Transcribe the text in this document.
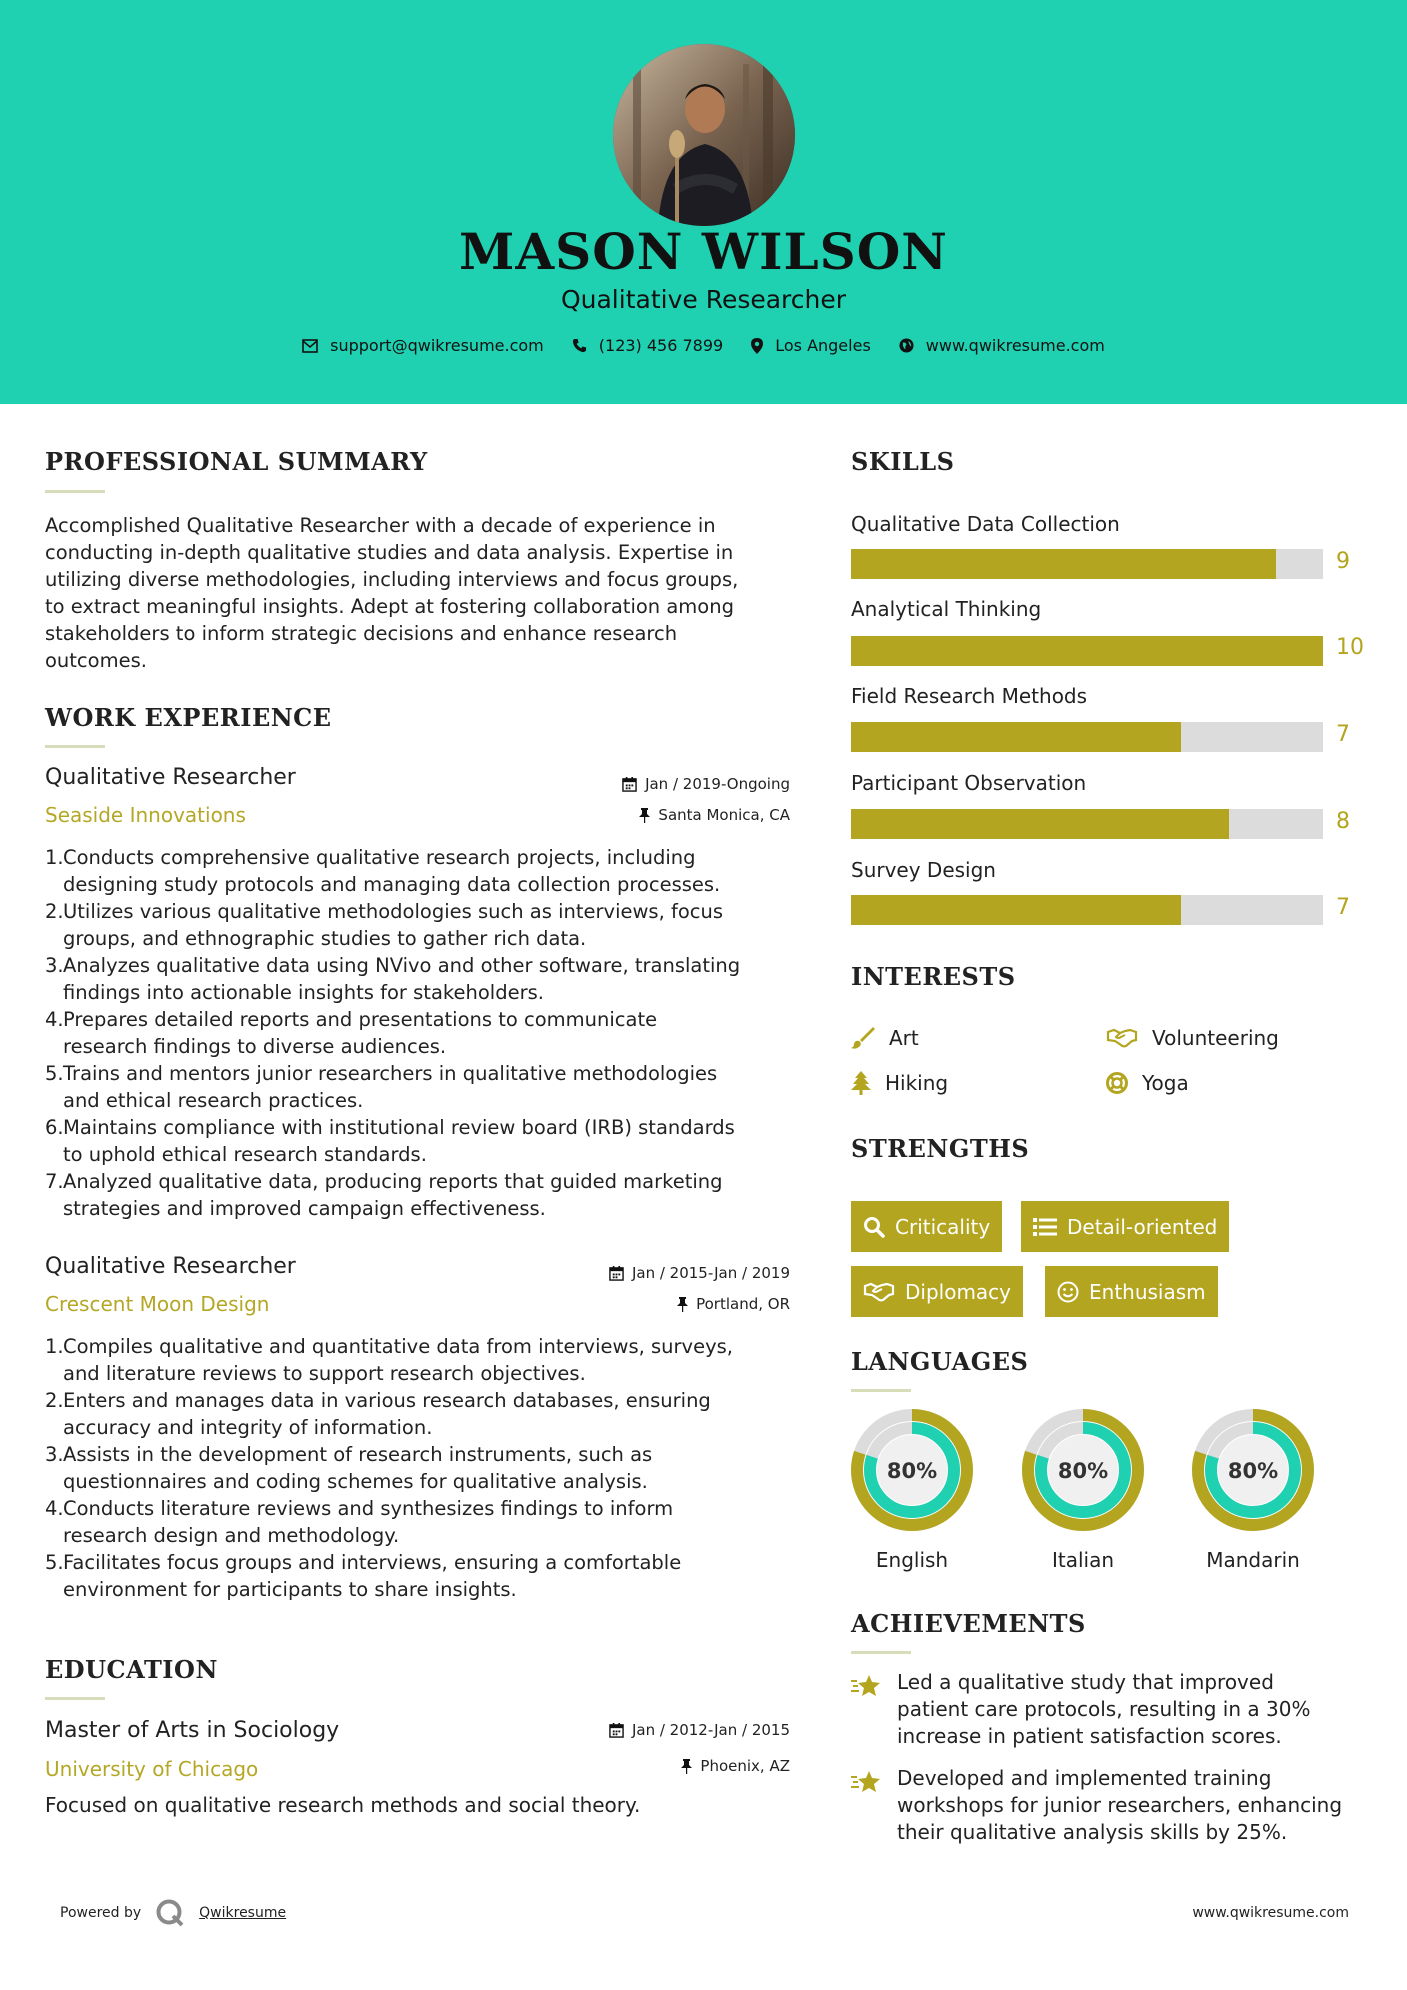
MASON WILSON
Qualitative Researcher
support@qwikresume.com	(123) 456 7899	Los Angeles	www.qwikresume.com
PROFESSIONAL SUMMARY
Accomplished Qualitative Researcher with a decade of experience in
conducting in-depth qualitative studies and data analysis. Expertise in
utilizing diverse methodologies, including interviews and focus groups,
to extract meaningful insights. Adept at fostering collaboration among
stakeholders to inform strategic decisions and enhance research
outcomes.
WORK EXPERIENCE
Qualitative Researcher
Seaside Innovations
Jan / 2019-Ongoing
Santa Monica, CA
1. Conducts comprehensive qualitative research projects, including
designing study protocols and managing data collection processes.
2. Utilizes various qualitative methodologies such as interviews, focus
groups, and ethnographic studies to gather rich data.
3. Analyzes qualitative data using NVivo and other software, translating
findings into actionable insights for stakeholders.
4. Prepares detailed reports and presentations to communicate
research findings to diverse audiences.
5. Trains and mentors junior researchers in qualitative methodologies
and ethical research practices.
6. Maintains compliance with institutional review board (IRB) standards
to uphold ethical research standards.
7. Analyzed qualitative data, producing reports that guided marketing
strategies and improved campaign effectiveness.
Qualitative Researcher
Crescent Moon Design
Jan / 2015-Jan / 2019
Portland, OR
1. Compiles qualitative and quantitative data from interviews, surveys,
and literature reviews to support research objectives.
2. Enters and manages data in various research databases, ensuring
accuracy and integrity of information.
3. Assists in the development of research instruments, such as
questionnaires and coding schemes for qualitative analysis.
4. Conducts literature reviews and synthesizes findings to inform
research design and methodology.
5. Facilitates focus groups and interviews, ensuring a comfortable
environment for participants to share insights.
EDUCATION
Master of Arts in Sociology
University of Chicago
Jan / 2012-Jan / 2015
Phoenix, AZ
Focused on qualitative research methods and social theory.
SKILLS
Qualitative Data Collection
9
Analytical Thinking
10
Field Research Methods
7
Participant Observation
8
Survey Design
7
INTERESTS
Art	Volunteering
Hiking	Yoga
STRENGTHS
Criticality	Detail-oriented
Diplomacy	Enthusiasm
LANGUAGES
80%
English
80%
Italian
80%
Mandarin
ACHIEVEMENTS
Led a qualitative study that improved
patient care protocols, resulting in a 30%
increase in patient satisfaction scores.
Developed and implemented training
workshops for junior researchers, enhancing
their qualitative analysis skills by 25%.
Powered by	Qwikresume	www.qwikresume.com
